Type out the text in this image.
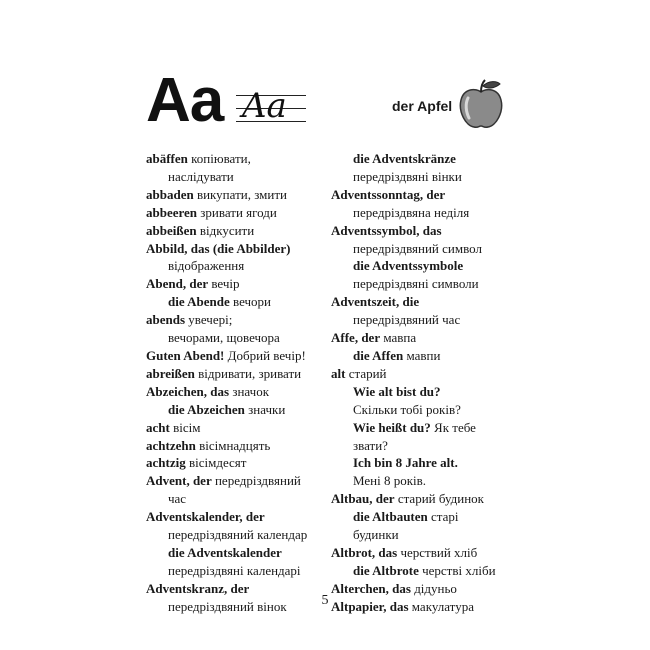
Aa Aa	der Apfel
abäffen копіювати,
наслідувати
abbaden викупати, змити
abbeeren зривати ягоди
abbeißen відкусити
Abbild, das (die Abbilder)
відображення
Abend, der вечір
die Abende вечори
abends увечері;
вечорами, щовечора
Guten Abend! Добрий вечір!
abreißen відривати, зривати
Abzeichen, das значок
die Abzeichen значки
acht вісім
achtzehn вісімнадцять
achtzig вісімдесят
Advent, der передріздвяний
час
Adventskalender, der
передріздвяний календар
die Adventskalender
передріздвяні календарі
Adventskranz, der
передріздвяний вінок
die Adventskränze
передріздвяні вінки
Adventssonntag, der
передріздвяна неділя
Adventssymbol, das
передріздвяний символ
die Adventssymbole
передріздвяні символи
Adventszeit, die
передріздвяний час
Affe, der мавпа
die Affen мавпи
alt старий
Wie alt bist du?
Скільки тобі років?
Wie heißt du? Як тебе
звати?
Ich bin 8 Jahre alt.
Мені 8 років.
Altbau, der старий будинок
die Altbauten старі
будинки
Altbrot, das черствий хліб
die Altbrote черстві хліби
Alterchen, das дідуньо
Altpapier, das макулатура
5
